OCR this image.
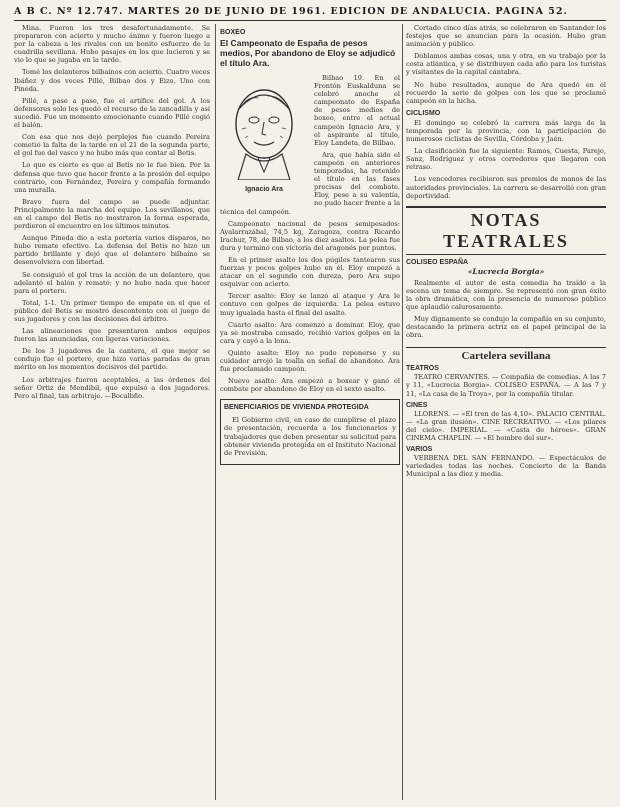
A B C. Nº 12.747. MARTES 20 DE JUNIO DE 1961. EDICION DE ANDALUCIA. PAGINA 52.

Mina. Fueron los tres desafortunadamente. Se prepararon con acierto y mucho ánimo y fueron luego a por la cabeza a los rivales con un bonito esfuerzo de la cuadrilla sevillana. Hubo pasajes en los que lucieron y se vio lo que se jugaba en la tarde.

Tomé los delanteros bilbaínos con acierto. Cuatro veces Ibáñez y dos veces Pillé, Bilbao dos y Eizo. Uno con Pineda.

Pillé, a pase a pase, fue el artífice del gol. A los defensores solo les quedó el recurso de la zancadilla y así sucedió. Fue un momento emocionante cuando Pillé cogió el balón.

Con esa que nos dejó perplejos fue cuando Pereira cometió la falta de la tarde en el 21 de la segunda parte, el gol fue del vasco y no hubo más que contar al Betis.

Lo que es cierto es que al Betis no le fue bien. Por la defensa que tuvo que hacer frente a la presión del equipo contrario, con Fernández, Pereira y compañía formando una muralla.

Bravo fuera del campo se puede adjuntar. Principalmente la marcha del equipo. Los sevillanos, que en el campo del Betis no mostraron la forma esperada, perdieron el encuentro en los últimos minutos.

Aunque Pineda dio a esta portería varios disparos, no hubo remate efectivo. La defensa del Betis no hizo un partido brillante y dejó que el delantero bilbaíno se desenvolviera con libertad.

Se consiguió el gol tras la acción de un delantero, que adelantó el balón y remató; y no hubo nada que hacer para el portero.

Total, 1-1. Un primer tiempo de empate en el que el público del Betis se mostró descontento con el juego de sus jugadores y con las decisiones del árbitro.

Las alineaciones que presentaron ambos equipos fueron las anunciadas, con ligeras variaciones.

De los 3 jugadores de la cantera, el que mejor se condujo fue el portero, que hizo varias paradas de gran mérito en los momentos decisivos del partido.

Los arbitrajes fueron aceptables, a las órdenes del señor Ortiz de Mendíbil, que expulsó a dos jugadores. Pero al final, tan arbitraje. —Bocalbño.

BOXEO
El Campeonato de España de pesos medios, Por abandono de Eloy se adjudicó el título Ara.
Ignacio Ara

Bilbao 19. En el Frontón Euskalduna se celebró anoche el campeonato de España de pesos medios de boxeo, entre el actual campeón Ignacio Ara, y el aspirante al título, Eloy Landeta, de Bilbao.

Ara, que había sido el campeón en anteriores temporadas, ha retenido el título en las fases precisas del combate. Eloy, pese a su valentía, no pudo hacer frente a la técnica del campeón.

Campeonato nacional de pesos semipesados: Ayalarrazábal, 74,5 kg, Zaragoza, contra Ricardo Irachur, 78, de Bilbao, a los diez asaltos. La pelea fue dura y terminó con victoria del aragonés por puntos.

En el primer asalto los dos púgiles tantearon sus fuerzas y pocos golpes hubo en él. Eloy empezó a atacar en el segundo con dureza, pero Ara supo esquivar con acierto.

Tercer asalto: Eloy se lanzó al ataque y Ara le contuvo con golpes de izquierda. La pelea estuvo muy igualada hasta el final del asalto.

Cuarto asalto: Ara comenzó a dominar. Eloy, que ya se mostraba cansado, recibió varios golpes en la cara y cayó a la lona.

Quinto asalto: Eloy no pudo reponerse y su cuidador arrojó la toalla en señal de abandono. Ara fue proclamado campeón.

Nuevo asalto: Ara empezó a boxear y ganó el combate por abandono de Eloy en el sexto asalto.

BENEFICIARIOS DE VIVIENDA PROTEGIDA

El Gobierno civil, en caso de cumplirse el plazo de presentación, recuerda a los funcionarios y trabajadores que deben presentar su solicitud para obtener vivienda protegida en el Instituto Nacional de Previsión.

Cortado cinco días atrás, se celebraron en Santander los festejos que se anuncian para la ocasión. Hubo gran animación y público.

Doblamos ambas cosas, una y otra, en su trabajo por la costa atlántica, y se distribuyen cada año para los turistas y visitantes de la capital cántabra.

No hubo resultados, aunque de Ara quedó en el recuerdo la serie de golpes con los que se proclamó campeón en la lucha.

CICLISMO

El domingo se celebró la carrera más larga de la temporada por la provincia, con la participación de numerosos ciclistas de Sevilla, Córdoba y Jaén.

La clasificación fue la siguiente: Ramos, Cuesta, Parejo, Sanz, Rodríguez y otros corredores que llegaron con retraso.

Los vencedores recibieron sus premios de manos de las autoridades provinciales. La carrera se desarrolló con gran deportividad.

NOTAS TEATRALES
COLISEO ESPAÑA
«Lucrecia Borgia»

Realmente el autor de esta comedia ha traído a la escena un tema de siempre. Se representó con gran éxito la obra dramática, con la presencia de numeroso público que aplaudió calurosamente.

Muy dignamente se condujo la compañía en su conjunto, destacando la primera actriz en el papel principal de la obra.

Cartelera sevillana
TEATROS

TEATRO CERVANTES. — Compañía de comedias. A las 7 y 11, «Lucrecia Borgia». COLISEO ESPAÑA. — A las 7 y 11, «La casa de la Troya», por la compañía titular.

CINES

LLORENS. — «El tren de las 4,10». PALACIO CENTRAL. — «La gran ilusión». CINE RECREATIVO. — «Los pilares del cielo». IMPERIAL. — «Casta de héroes». GRAN CINEMA CHAPLIN. — «El hombre del sur».

VARIOS

VERBENA DEL SAN FERNANDO. — Espectáculos de variedades todas las noches. Concierto de la Banda Municipal a las diez y media.
